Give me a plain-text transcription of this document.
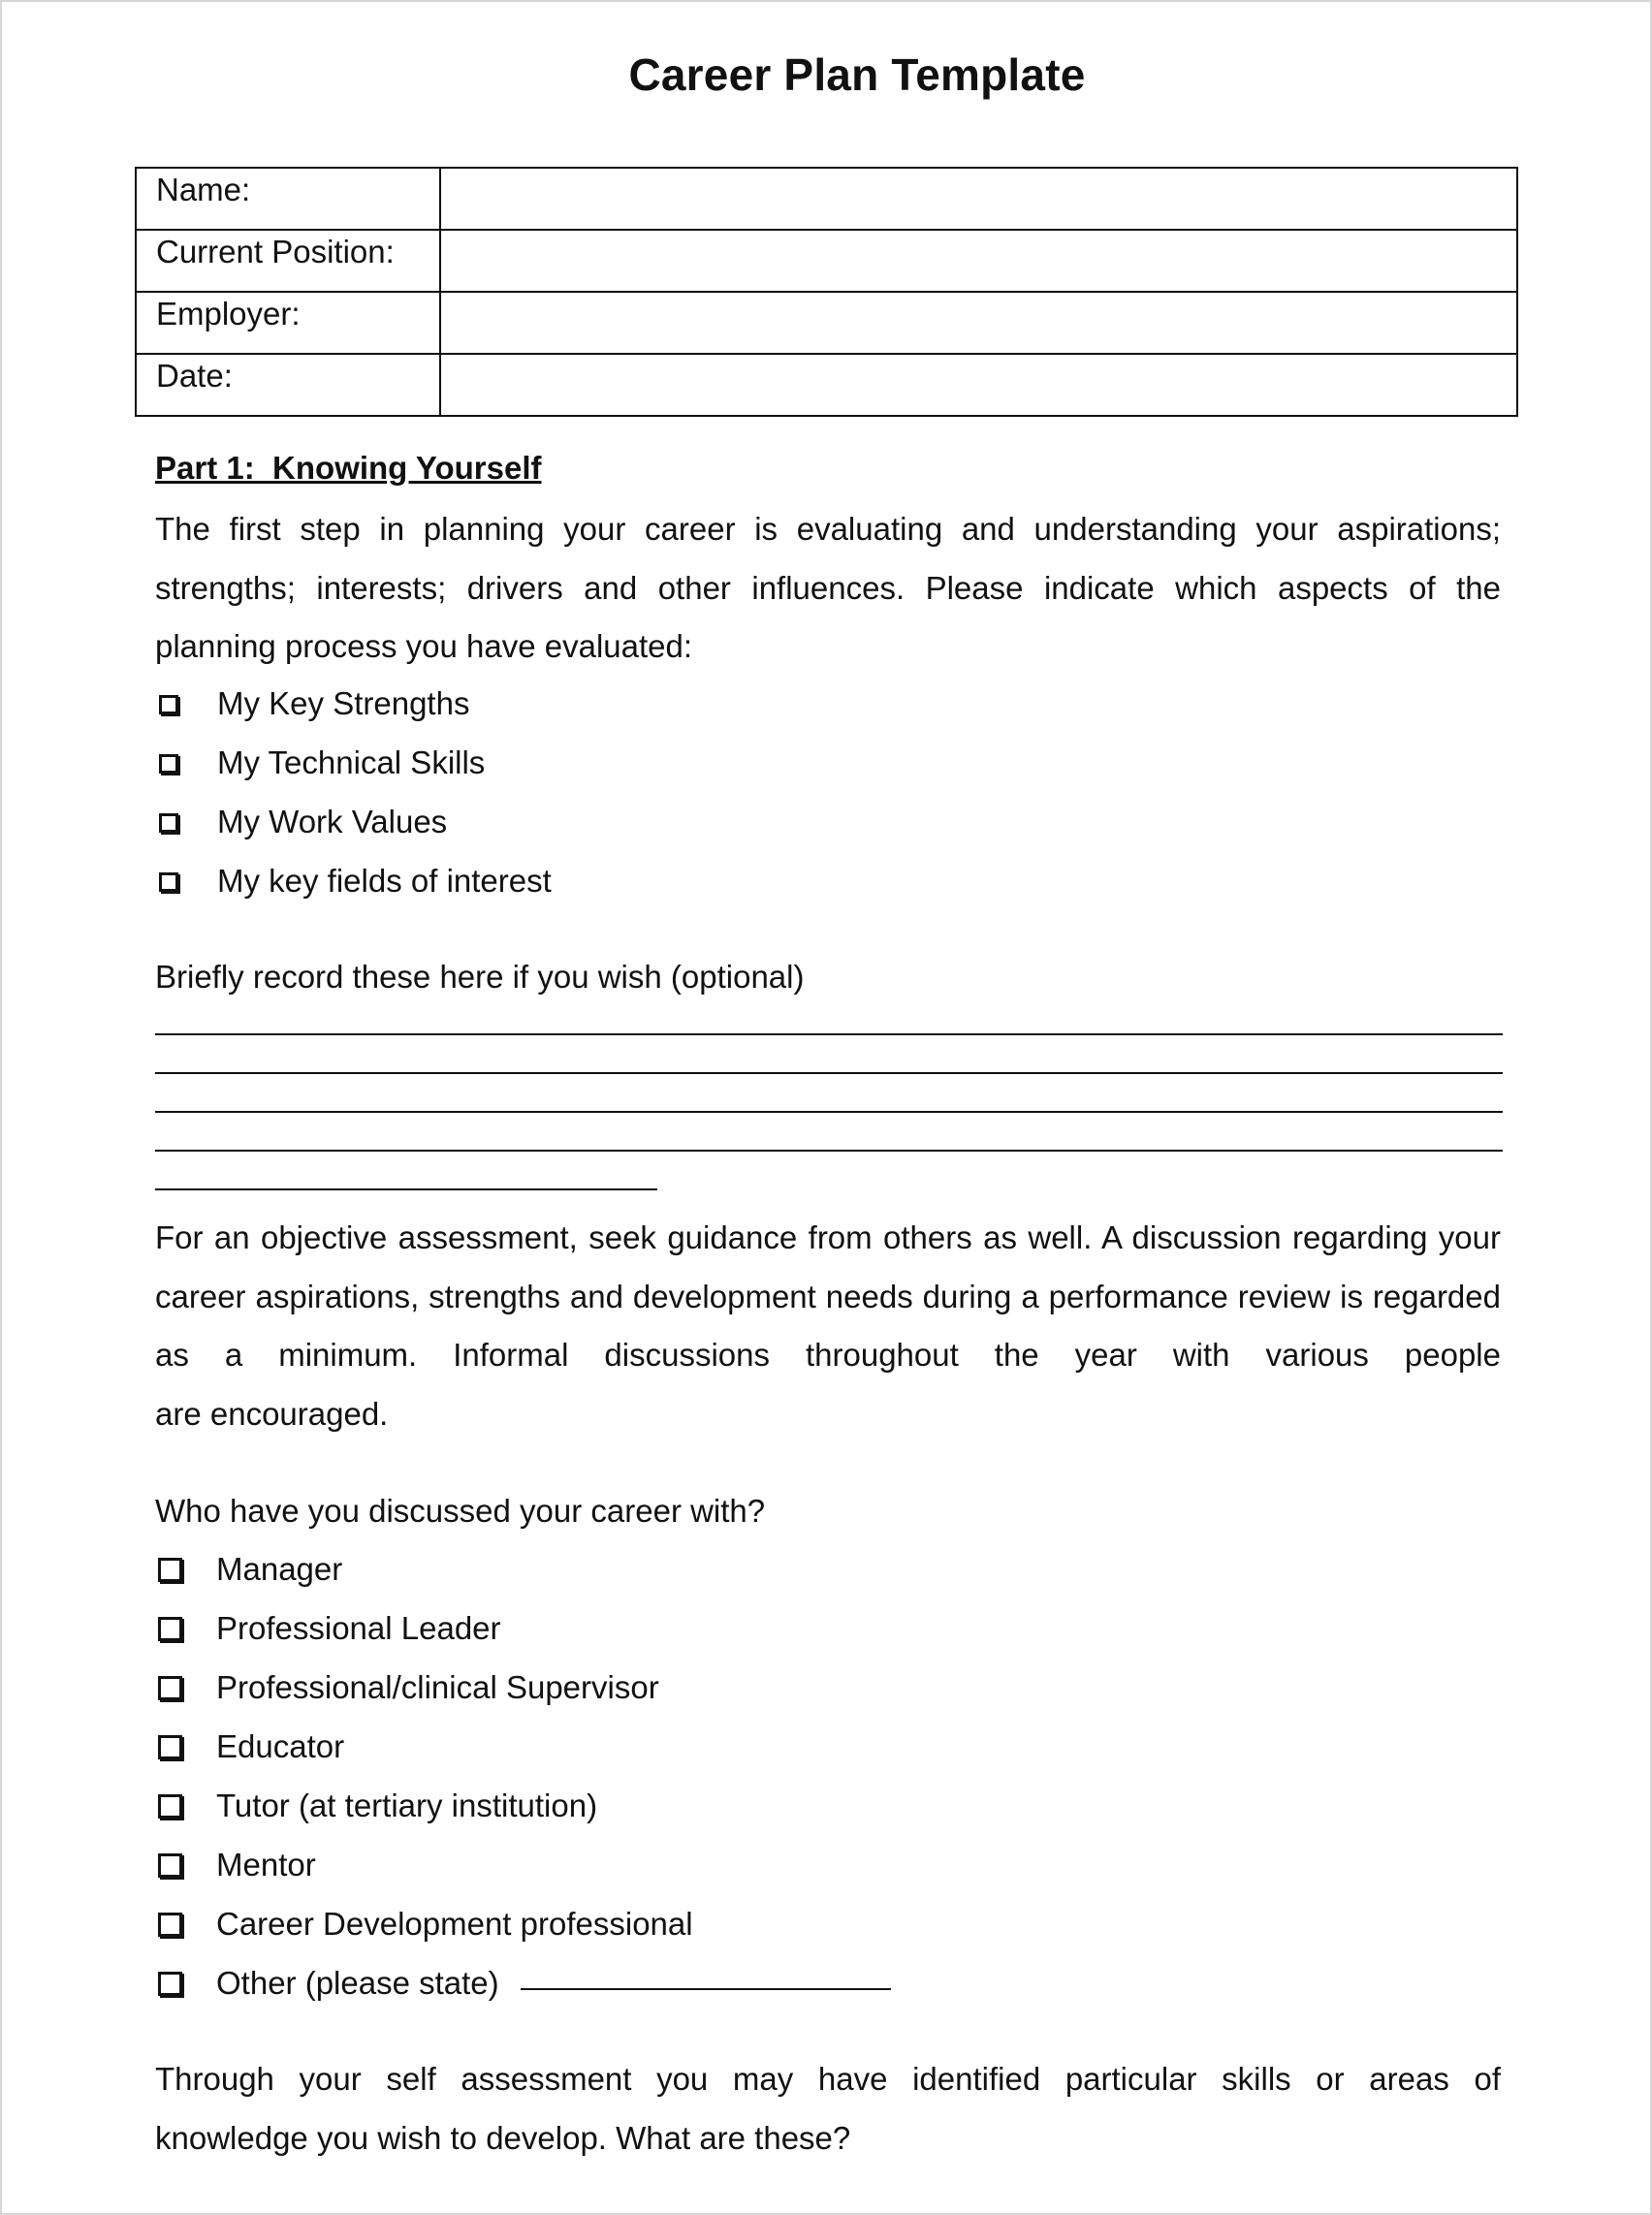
Career Plan Template
Name:	
Current Position:	
Employer:	
Date:	
Part 1:  Knowing Yourself
The first step in planning your career is evaluating and understanding your aspirations; strengths; interests; drivers and other influences. Please indicate which aspects of the
planning process you have evaluated:
My Key Strengths
My Technical Skills
My Work Values
My key fields of interest
Briefly record these here if you wish (optional)
For an objective assessment, seek guidance from others as well. A discussion regarding your career aspirations, strengths and development needs during a performance review is regarded as a minimum. Informal discussions throughout the year with various people
are encouraged.
Who have you discussed your career with?
Manager
Professional Leader
Professional/clinical Supervisor
Educator
Tutor (at tertiary institution)
Mentor
Career Development professional
Other (please state)
Through your self assessment you may have identified particular skills or areas of
knowledge you wish to develop. What are these?
